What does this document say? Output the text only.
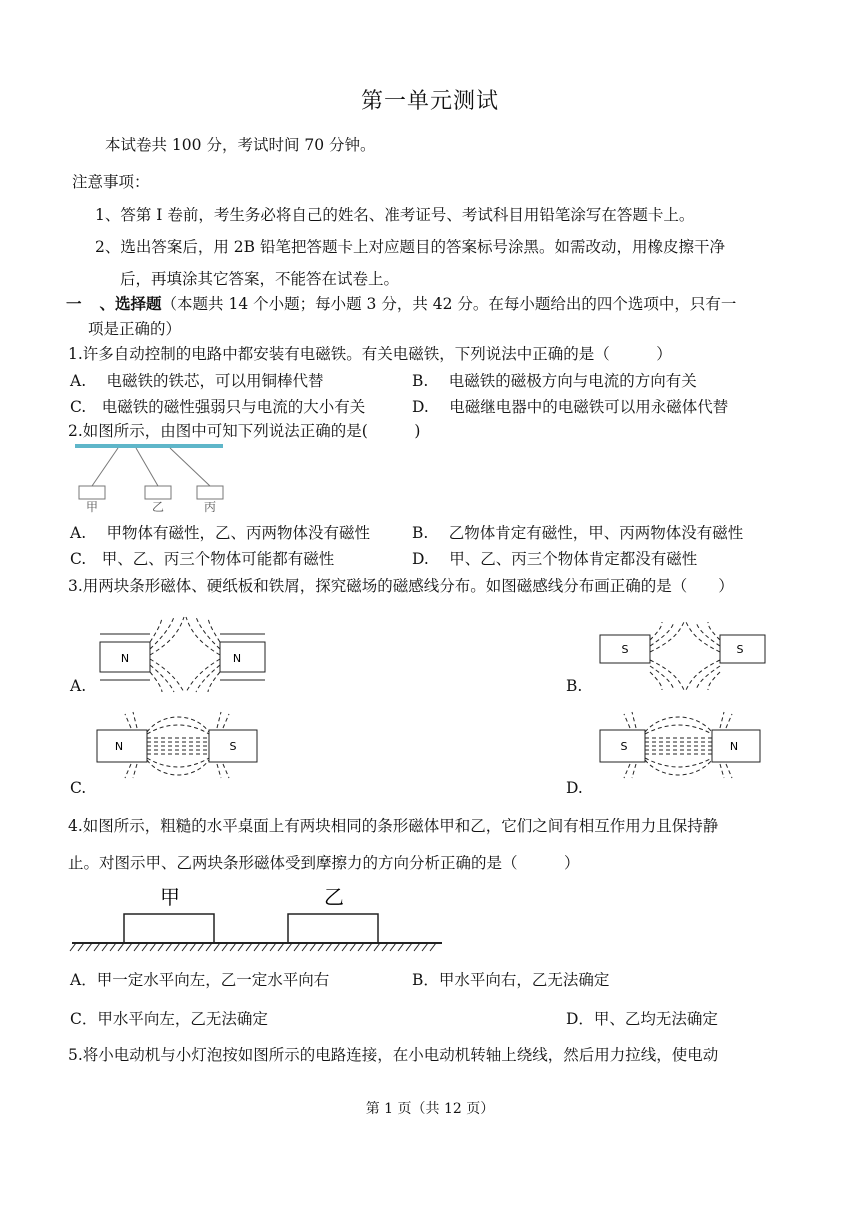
第一单元测试
本试卷共 100 分，考试时间 70 分钟。
注意事项：
1、答第 I 卷前，考生务必将自己的姓名、准考证号、考试科目用铅笔涂写在答题卡上。
2、选出答案后，用 2B 铅笔把答题卡上对应题目的答案标号涂黑。如需改动，用橡皮擦干净
后，再填涂其它答案，不能答在试卷上。
一 、选择题（本题共 14 个小题；每小题 3 分，共 42 分。在每小题给出的四个选项中，只有一
项是正确的）
1.许多自动控制的电路中都安装有电磁铁。有关电磁铁，下列说法中正确的是（　　　）
A.　 电磁铁的铁芯，可以用铜棒代替	B.　 电磁铁的磁极方向与电流的方向有关
C.　电磁铁的磁性强弱只与电流的大小有关	D.　 电磁继电器中的电磁铁可以用永磁体代替
2.如图所示，由图中可知下列说法正确的是(　　　)
甲	乙	丙
A.　 甲物体有磁性，乙、丙两物体没有磁性	B.　 乙物体肯定有磁性，甲、丙两物体没有磁性
C.　甲、乙、丙三个物体可能都有磁性	D.　 甲、乙、丙三个物体肯定都没有磁性
3.用两块条形磁体、硬纸板和铁屑，探究磁场的磁感线分布。如图磁感线分布画正确的是（　　）
N	N
A.
S	S
B.
N	S
C.
S	N
D.
4.如图所示，粗糙的水平桌面上有两块相同的条形磁体甲和乙，它们之间有相互作用力且保持静
止。对图示甲、乙两块条形磁体受到摩擦力的方向分析正确的是（　　　）
甲	乙
A．甲一定水平向左，乙一定水平向右	B．甲水平向右，乙无法确定
C．甲水平向左，乙无法确定	D．甲、乙均无法确定
5.将小电动机与小灯泡按如图所示的电路连接，在小电动机转轴上绕线，然后用力拉线，使电动
第 1 页（共 12 页）
